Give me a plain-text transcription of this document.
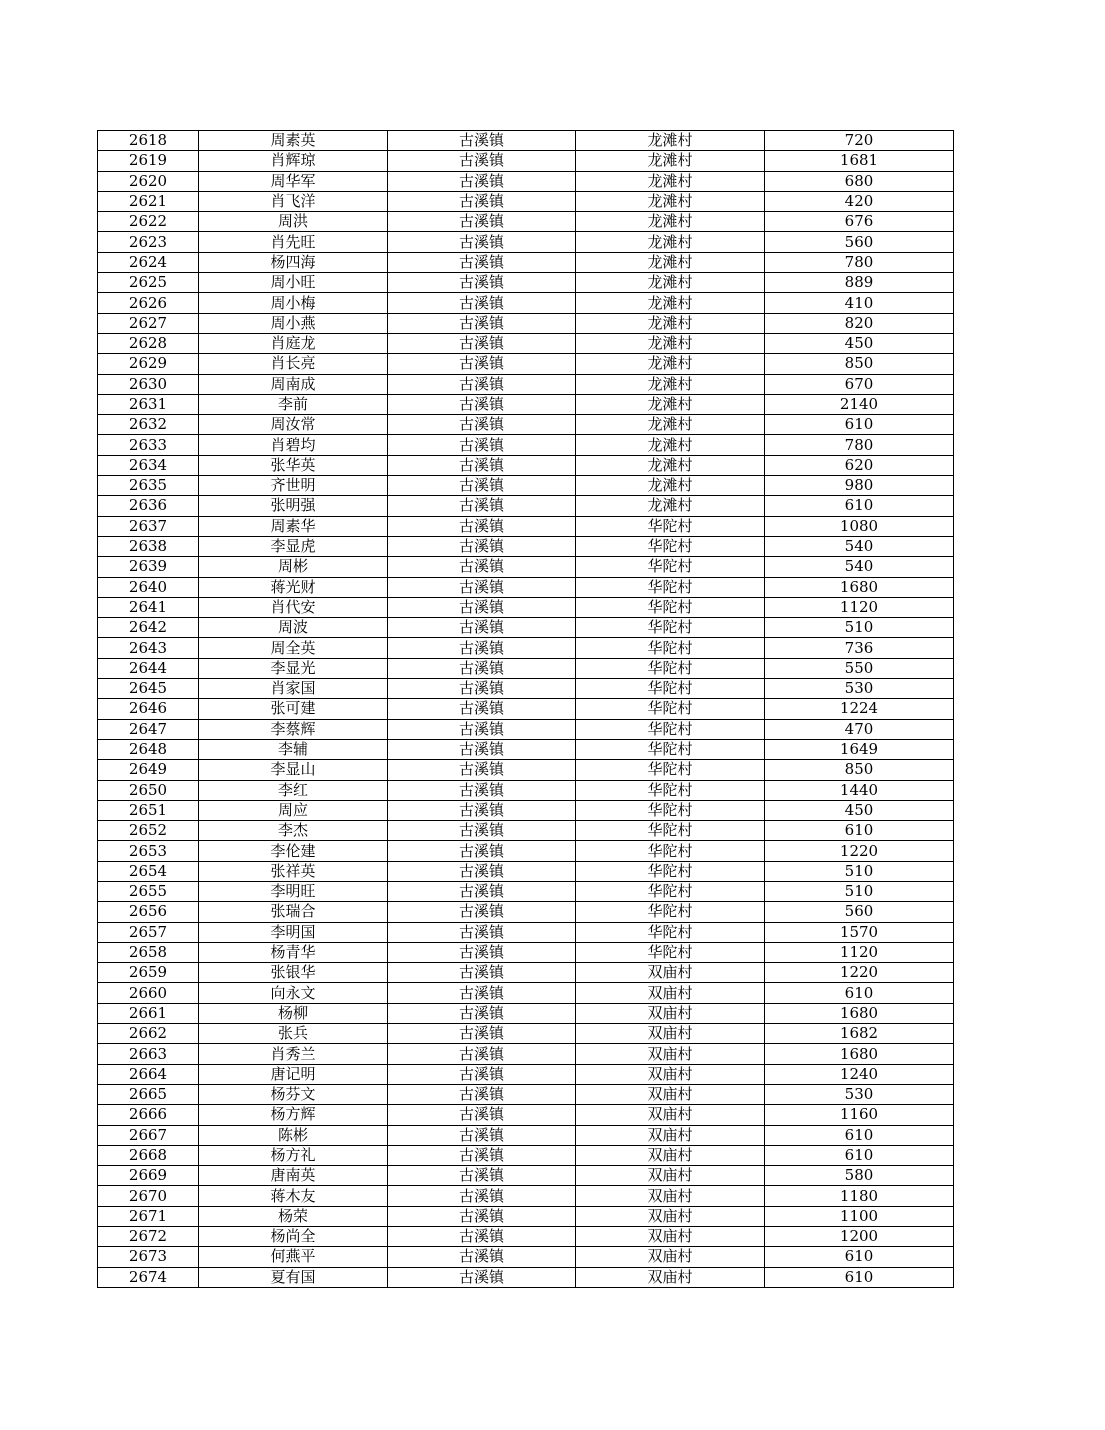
2618	周素英	古溪镇	龙滩村	720
2619	肖辉琼	古溪镇	龙滩村	1681
2620	周华军	古溪镇	龙滩村	680
2621	肖飞洋	古溪镇	龙滩村	420
2622	周洪	古溪镇	龙滩村	676
2623	肖先旺	古溪镇	龙滩村	560
2624	杨四海	古溪镇	龙滩村	780
2625	周小旺	古溪镇	龙滩村	889
2626	周小梅	古溪镇	龙滩村	410
2627	周小燕	古溪镇	龙滩村	820
2628	肖庭龙	古溪镇	龙滩村	450
2629	肖长亮	古溪镇	龙滩村	850
2630	周南成	古溪镇	龙滩村	670
2631	李前	古溪镇	龙滩村	2140
2632	周汝常	古溪镇	龙滩村	610
2633	肖碧均	古溪镇	龙滩村	780
2634	张华英	古溪镇	龙滩村	620
2635	齐世明	古溪镇	龙滩村	980
2636	张明强	古溪镇	龙滩村	610
2637	周素华	古溪镇	华陀村	1080
2638	李显虎	古溪镇	华陀村	540
2639	周彬	古溪镇	华陀村	540
2640	蒋光财	古溪镇	华陀村	1680
2641	肖代安	古溪镇	华陀村	1120
2642	周波	古溪镇	华陀村	510
2643	周全英	古溪镇	华陀村	736
2644	李显光	古溪镇	华陀村	550
2645	肖家国	古溪镇	华陀村	530
2646	张可建	古溪镇	华陀村	1224
2647	李蔡辉	古溪镇	华陀村	470
2648	李辅	古溪镇	华陀村	1649
2649	李显山	古溪镇	华陀村	850
2650	李红	古溪镇	华陀村	1440
2651	周应	古溪镇	华陀村	450
2652	李杰	古溪镇	华陀村	610
2653	李伦建	古溪镇	华陀村	1220
2654	张祥英	古溪镇	华陀村	510
2655	李明旺	古溪镇	华陀村	510
2656	张瑞合	古溪镇	华陀村	560
2657	李明国	古溪镇	华陀村	1570
2658	杨青华	古溪镇	华陀村	1120
2659	张银华	古溪镇	双庙村	1220
2660	向永文	古溪镇	双庙村	610
2661	杨柳	古溪镇	双庙村	1680
2662	张兵	古溪镇	双庙村	1682
2663	肖秀兰	古溪镇	双庙村	1680
2664	唐记明	古溪镇	双庙村	1240
2665	杨芬文	古溪镇	双庙村	530
2666	杨方辉	古溪镇	双庙村	1160
2667	陈彬	古溪镇	双庙村	610
2668	杨方礼	古溪镇	双庙村	610
2669	唐南英	古溪镇	双庙村	580
2670	蒋木友	古溪镇	双庙村	1180
2671	杨荣	古溪镇	双庙村	1100
2672	杨尚全	古溪镇	双庙村	1200
2673	何燕平	古溪镇	双庙村	610
2674	夏有国	古溪镇	双庙村	610
